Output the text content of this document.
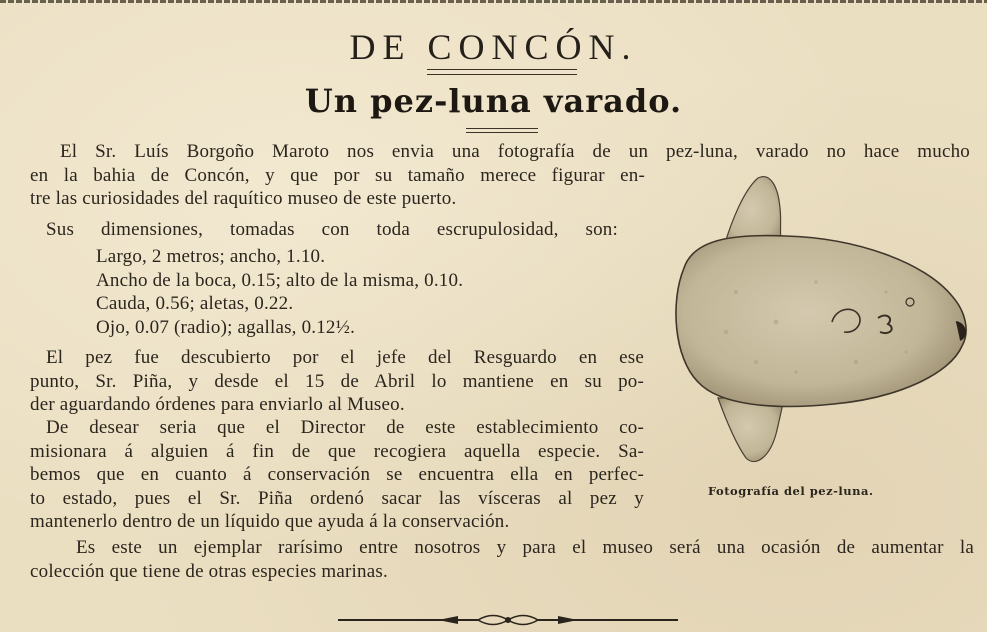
DE CONCÓN.
Un pez-luna varado.
El Sr. Luís Borgoño Maroto nos envia una fotografía de un pez-luna, varado no hace mucho
en la bahia de Concón, y que por su tamaño merece figurar en-
tre las curiosidades del raquítico museo de este puerto.
Sus dimensiones, tomadas con toda escrupulosidad, son:
Largo, 2 metros; ancho, 1.10.
Ancho de la boca, 0.15; alto de la misma, 0.10.
Cauda, 0.56; aletas, 0.22.
Ojo, 0.07 (radio); agallas, 0.12½.
El pez fue descubierto por el jefe del Resguardo en ese
punto, Sr. Piña, y desde el 15 de Abril lo mantiene en su po-
der aguardando órdenes para enviarlo al Museo.
De desear seria que el Director de este establecimiento co-
misionara á alguien á fin de que recogiera aquella especie. Sa-
bemos que en cuanto á conservación se encuentra ella en perfec-
to estado, pues el Sr. Piña ordenó sacar las vísceras al pez y
mantenerlo dentro de un líquido que ayuda á la conservación.
Es este un ejemplar rarísimo entre nosotros y para el museo será una ocasión de aumentar la
colección que tiene de otras especies marinas.
Fotografía del pez-luna.
